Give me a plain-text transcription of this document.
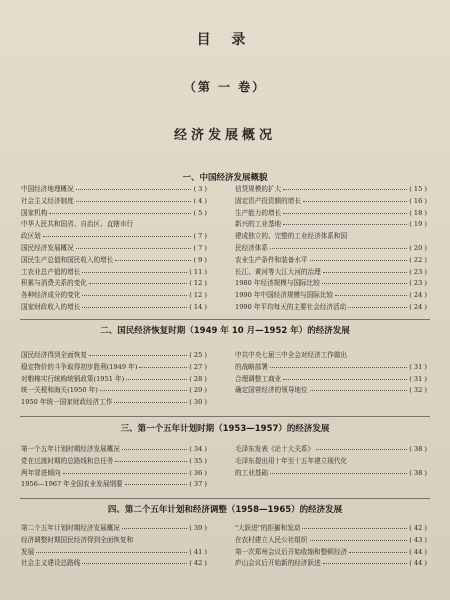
目 录
（第 一 卷）
经济发展概况
一、中国经济发展概貌
中国经济地理概况	( 3 )
社会主义经济制度	( 4 )
国家机构	( 5 )
中华人民共和国省、自治区、直辖市行
政区划	( 7 )
国民经济发展概况	( 7 )
国民生产总值和国民收入的增长	( 9 )
工农业总产值的增长	( 11 )
积累与消费关系的变化	( 12 )
各种经济成分的变化	( 12 )
国家财政收入的增长	( 14 )
信贷规模的扩大	( 15 )
固定资产投资额的增长	( 16 )
生产能力的增长	( 18 )
新兴的工业基地	( 19 )
建成独立的、完整的工业经济体系和国
民经济体系	( 20 )
农业生产条件和装备水平	( 22 )
长江、黄河等大江大河的治理	( 23 )
1980 年经济规模与国际比较	( 23 )
1990 年中国经济规模与国际比较	( 24 )
1990 年平均每天的主要社会经济活动	( 24 )
二、国民经济恢复时期（1949 年 10 月—1952 年）的经济发展
国民经济得到全面恢复	( 25 )
稳定物价的斗争取得初步胜利(1949 年)	( 27 )
对粮棉实行统购统销政策(1951 年)	( 28 )
统一关税和海关(1950 年)	( 29 )
1950 年统一国家财政经济工作	( 30 )
中共中央七届三中全会对经济工作做出
的战略部署	( 31 )
合理调整工商业	( 31 )
确定国营经济的领导地位	( 32 )
三、第一个五年计划时期（1953—1957）的经济发展
第一个五年计划时期经济发展概况	( 34 )
党在过渡时期的总路线和总任务	( 35 )
两年冒进倾向	( 36 )
1956—1967 年全国农业发展纲要	( 37 )
毛泽东发表《论十大关系》	( 38 )
毛泽东提出用十年至十五年建立现代化
的工业基础	( 38 )
四、第二个五年计划和经济调整（1958—1965）的经济发展
第二个五年计划时期经济发展概况	( 39 )
经济调整时期国民经济得到全面恢复和
发展	( 41 )
社会主义建设总路线	( 42 )
"大跃进"的拒揃和发动	( 42 )
在农村建立人民公社组织	( 43 )
第一次郑州会议后开始收缩和整顿经济	( 44 )
庐山会议后开始新的经济跃进	( 44 )
